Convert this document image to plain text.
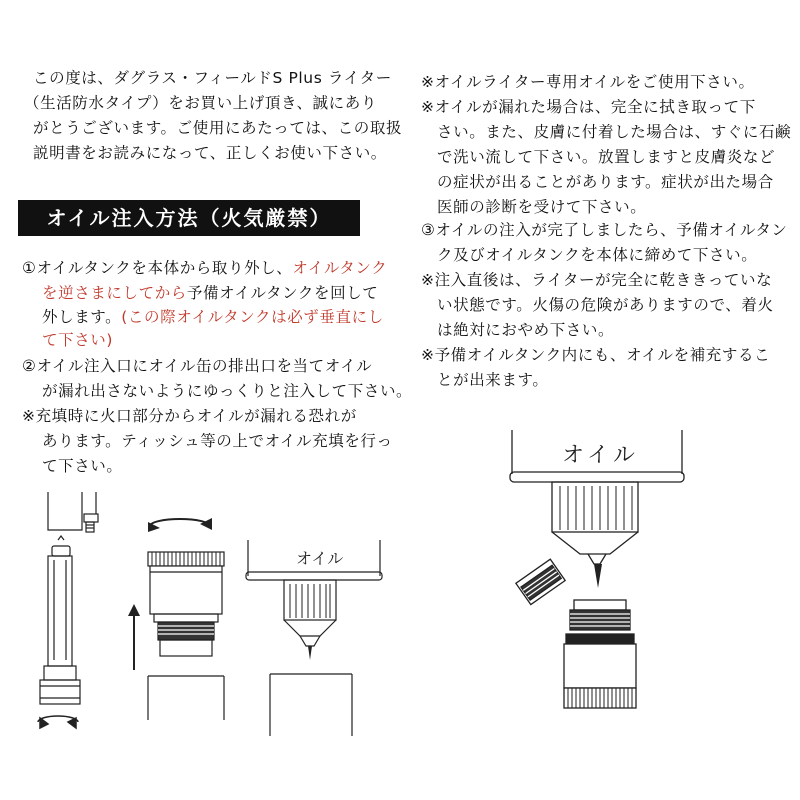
この度は、ダグラス・フィールドS Plus ライター
（生活防水タイプ）をお買い上げ頂き、誠にあり
がとうございます。ご使用にあたっては、この取扱
説明書をお読みになって、正しくお使い下さい。
オイル注入方法（火気厳禁）
①オイルタンクを本体から取り外し、オイルタンク
を逆さまにしてから予備オイルタンクを回して
外します。(この際オイルタンクは必ず垂直にし
て下さい)
②オイル注入口にオイル缶の排出口を当てオイル
が漏れ出さないようにゆっくりと注入して下さい。
※充填時に火口部分からオイルが漏れる恐れが
あります。ティッシュ等の上でオイル充填を行っ
て下さい。
※オイルライター専用オイルをご使用下さい。
※オイルが漏れた場合は、完全に拭き取って下
さい。また、皮膚に付着した場合は、すぐに石鹸
で洗い流して下さい。放置しますと皮膚炎など
の症状が出ることがあります。症状が出た場合
医師の診断を受けて下さい。
③オイルの注入が完了しましたら、予備オイルタン
ク及びオイルタンクを本体に締めて下さい。
※注入直後は、ライターが完全に乾ききっていな
い状態です。火傷の危険がありますので、着火
は絶対におやめ下さい。
※予備オイルタンク内にも、オイルを補充するこ
とが出来ます。
オイル
オイル
